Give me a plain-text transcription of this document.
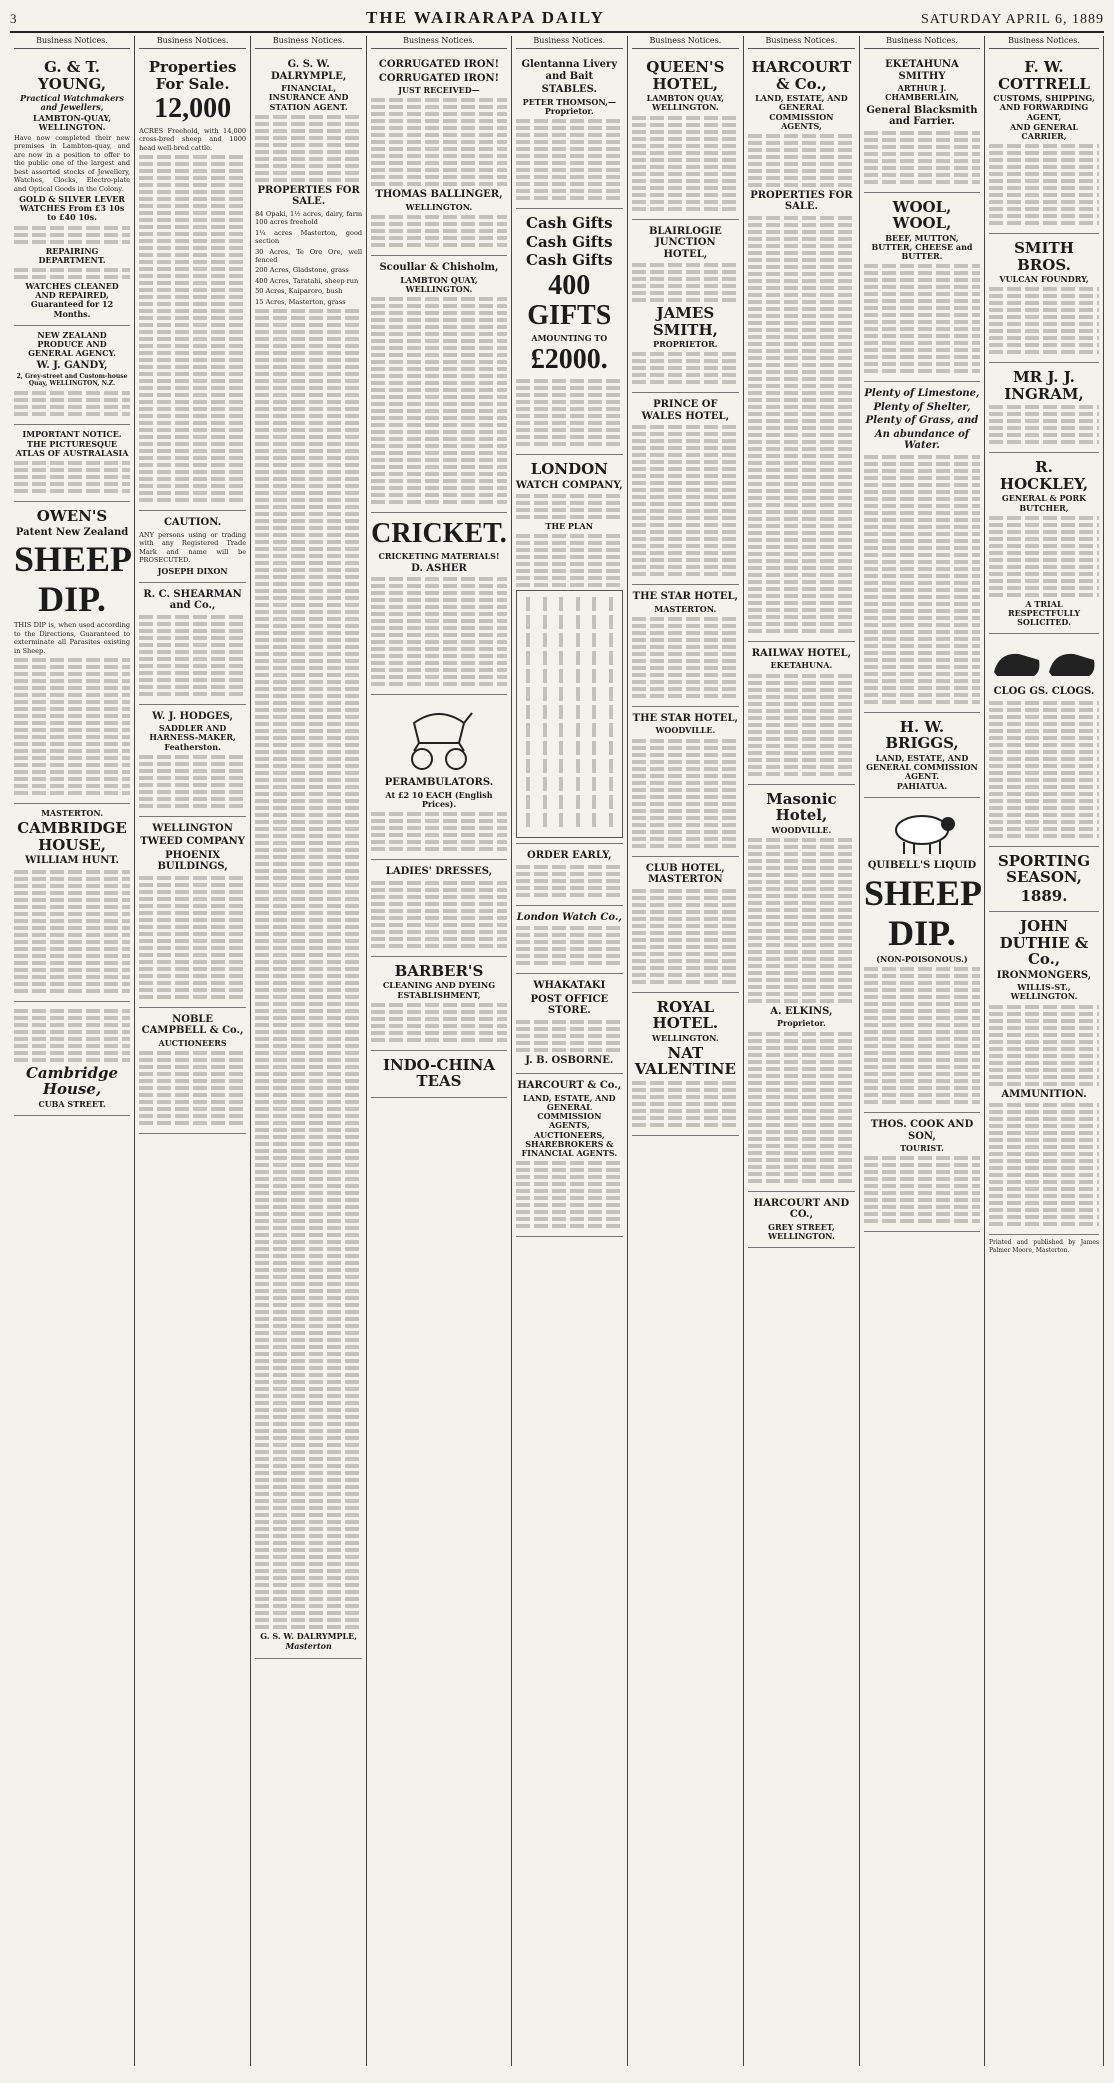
3	THE WAIRARAPA DAILY	SATURDAY APRIL 6, 1889
Business Notices.
G. & T. YOUNG,
Practical Watchmakers and Jewellers,
LAMBTON-QUAY, WELLINGTON.

Have now completed their new premises in Lambton-quay, and are now in a position to offer to the public one of the largest and best assorted stocks of Jewellery, Watches, Clocks, Electro-plate and Optical Goods in the Colony.

GOLD & SILVER LEVER WATCHES From £3 10s to £40 10s.
REPAIRING DEPARTMENT.
WATCHES CLEANED AND REPAIRED, Guaranteed for 12 Months.
NEW ZEALAND PRODUCE AND GENERAL AGENCY.
W. J. GANDY,
2, Grey-street and Custom-house Quay, WELLINGTON, N.Z.
IMPORTANT NOTICE.
THE PICTURESQUE ATLAS OF AUSTRALASIA
OWEN'S
Patent New Zealand
SHEEP DIP.

THIS DIP is, when used according to the Directions, Guaranteed to exterminate all Parasites existing in Sheep.

MASTERTON.
CAMBRIDGE HOUSE,
WILLIAM HUNT.
Cambridge House,
CUBA STREET.
Business Notices.
Properties For Sale.
12,000

ACRES Freehold, with 14,000 cross-bred sheep and 1000 head well-bred cattle.

CAUTION.

ANY persons using or trading with any Registered Trade Mark and name will be PROSECUTED.

JOSEPH DIXON
R. C. SHEARMAN and Co.,
W. J. HODGES,
SADDLER AND HARNESS-MAKER, Featherston.
WELLINGTON
TWEED COMPANY
PHOENIX BUILDINGS,
NOBLE CAMPBELL & Co.,
AUCTIONEERS
Business Notices.
G. S. W. DALRYMPLE,
FINANCIAL, INSURANCE AND STATION AGENT.
PROPERTIES FOR SALE.

84 Opaki, 1½ acres, dairy, farm 100 acres freehold

1¼ acres Masterton, good section

30 Acres, Te Ore Ore, well fenced

200 Acres, Gladstone, grass

400 Acres, Taratahi, sheep run

50 Acres, Kaiparoro, bush

15 Acres, Masterton, grass

G. S. W. DALRYMPLE,
Masterton
Business Notices.
CORRUGATED IRON!
CORRUGATED IRON!
JUST RECEIVED—
THOMAS BALLINGER,
WELLINGTON.
Scoullar & Chisholm,
LAMBTON QUAY, WELLINGTON.
CRICKET.
CRICKETING MATERIALS!
D. ASHER
PERAMBULATORS.
At £2 10 EACH (English Prices).
LADIES' DRESSES,
BARBER'S
CLEANING AND DYEING ESTABLISHMENT,
INDO-CHINA TEAS
Business Notices.
Glentanna Livery and Bait
STABLES.
PETER THOMSON,—Proprietor.
Cash Gifts
Cash Gifts
Cash Gifts
400 GIFTS
AMOUNTING TO
£2000.
LONDON
WATCH COMPANY,
THE PLAN
ORDER EARLY,
London Watch Co.,
WHAKATAKI
POST OFFICE STORE.
J. B. OSBORNE.
HARCOURT & Co.,
LAND, ESTATE, AND GENERAL COMMISSION AGENTS, AUCTIONEERS, SHAREBROKERS & FINANCIAL AGENTS.
Business Notices.
QUEEN'S HOTEL,
LAMBTON QUAY, WELLINGTON.
BLAIRLOGIE JUNCTION HOTEL,
JAMES SMITH,
PROPRIETOR.
PRINCE OF WALES HOTEL,
THE STAR HOTEL,
MASTERTON.
THE STAR HOTEL,
WOODVILLE.
CLUB HOTEL, MASTERTON
ROYAL HOTEL.
WELLINGTON.
NAT VALENTINE
Business Notices.
HARCOURT & Co.,
LAND, ESTATE, AND GENERAL COMMISSION AGENTS,
PROPERTIES FOR SALE.
RAILWAY HOTEL,
EKETAHUNA.
Masonic Hotel,
WOODVILLE.
A. ELKINS,
Proprietor.
HARCOURT AND CO.,
GREY STREET, WELLINGTON.
Business Notices.
EKETAHUNA SMITHY
ARTHUR J. CHAMBERLAIN,
General Blacksmith and Farrier.
WOOL, WOOL,
BEEF, MUTTON, BUTTER, CHEESE and BUTTER.
Plenty of Limestone,
Plenty of Shelter,
Plenty of Grass, and
An abundance of Water.
H. W. BRIGGS,
LAND, ESTATE, AND GENERAL COMMISSION AGENT.
PAHIATUA.
QUIBELL'S LIQUID
SHEEP DIP.
(NON-POISONOUS.)
THOS. COOK AND SON,
TOURIST.
Business Notices.
F. W. COTTRELL
CUSTOMS, SHIPPING, AND FORWARDING AGENT,
AND GENERAL CARRIER,
SMITH BROS.
VULCAN FOUNDRY,
MR J. J. INGRAM,
R. HOCKLEY,
GENERAL & PORK BUTCHER,
A TRIAL RESPECTFULLY SOLICITED.
CLOG GS. CLOGS.
SPORTING SEASON,
1889.
JOHN DUTHIE & Co.,
IRONMONGERS,
WILLIS-ST., WELLINGTON.
AMMUNITION.

Printed and published by James Palmer Moore, Masterton.
